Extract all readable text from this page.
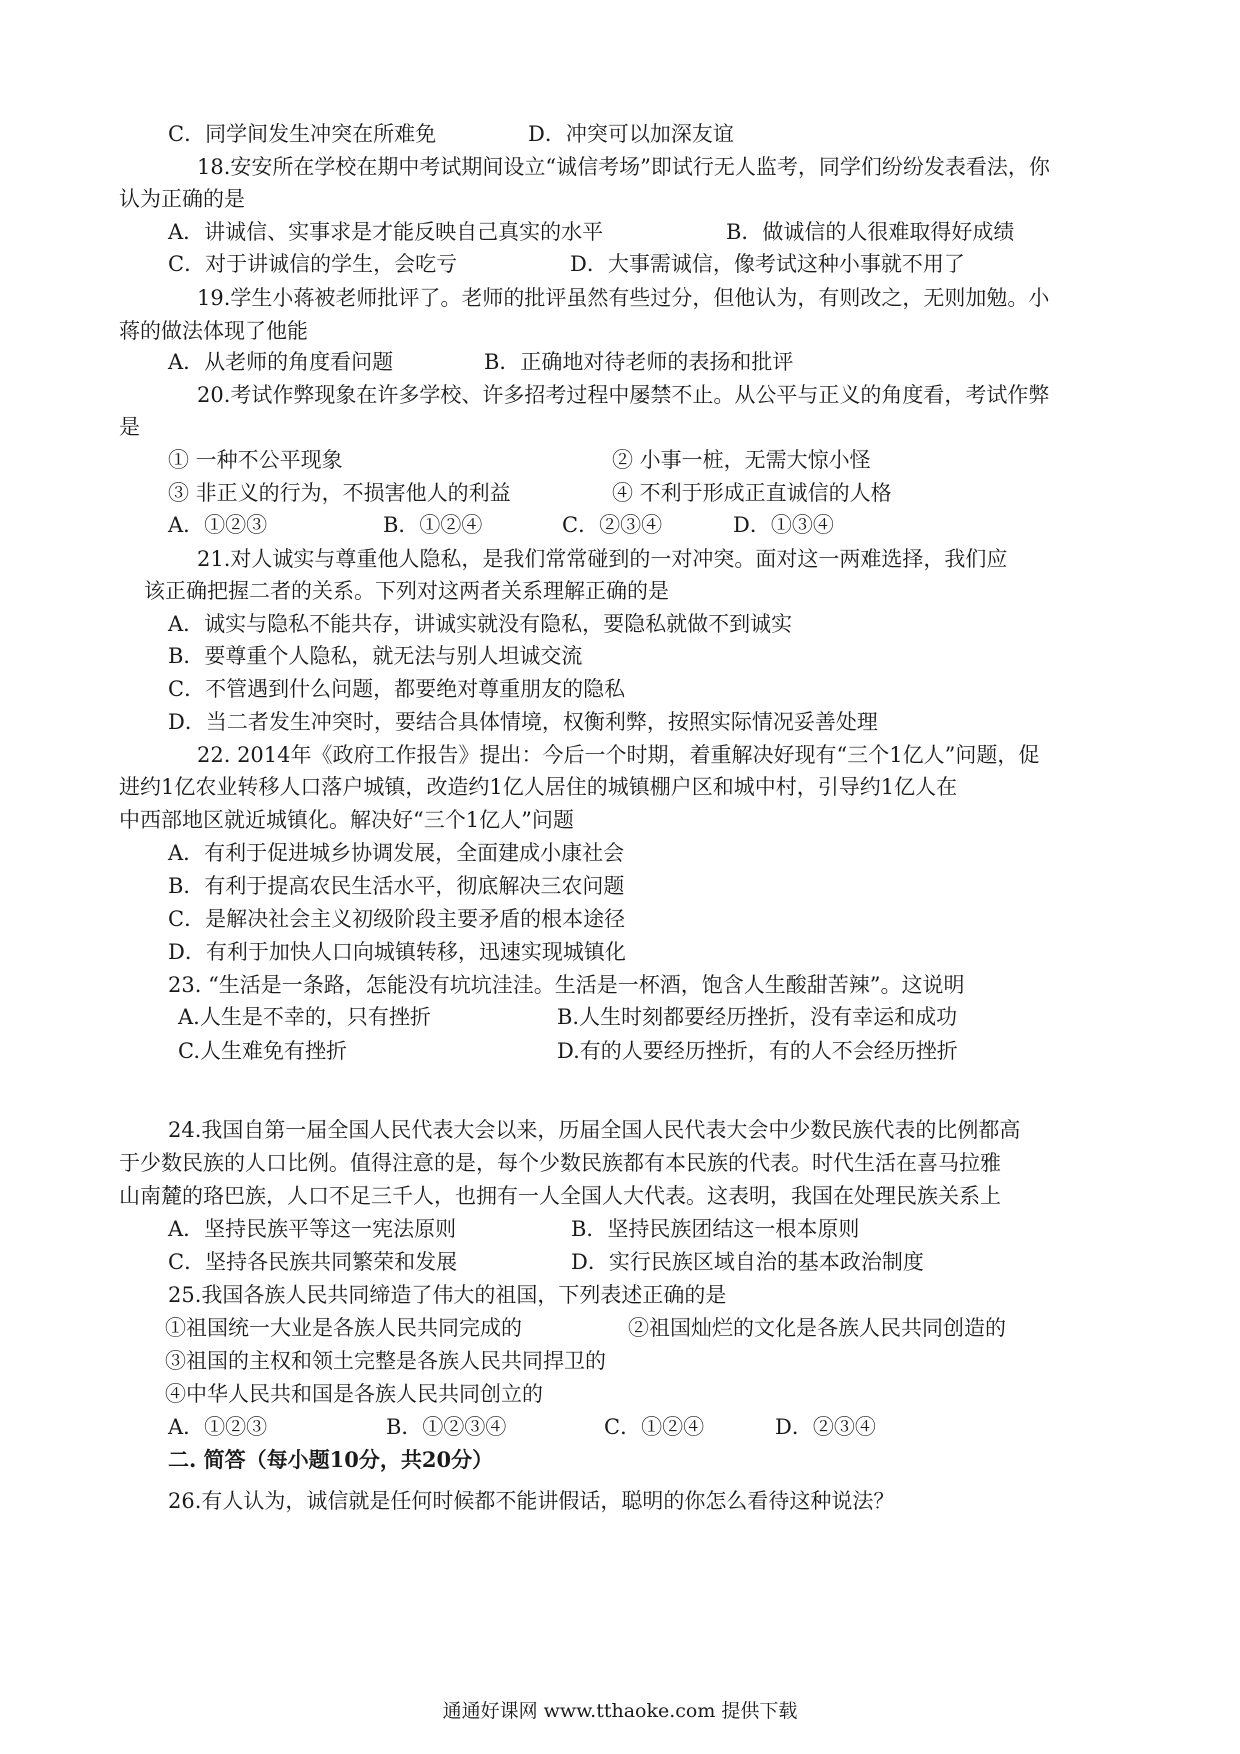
C．同学间发生冲突在所难免	D．冲突可以加深友谊
18.安安所在学校在期中考试期间设立“诚信考场”即试行无人监考，同学们纷纷发表看法，你
认为正确的是
A．讲诚信、实事求是才能反映自己真实的水平	B．做诚信的人很难取得好成绩
C．对于讲诚信的学生，会吃亏	D．大事需诚信，像考试这种小事就不用了
19.学生小蒋被老师批评了。老师的批评虽然有些过分，但他认为，有则改之，无则加勉。小
蒋的做法体现了他能
A．从老师的角度看问题	B．正确地对待老师的表扬和批评
20.考试作弊现象在许多学校、许多招考过程中屡禁不止。从公平与正义的角度看，考试作弊
是
① 一种不公平现象	② 小事一桩，无需大惊小怪
③ 非正义的行为，不损害他人的利益	④ 不利于形成正直诚信的人格
A．①②③	B．①②④	C．②③④	D．①③④
21.对人诚实与尊重他人隐私，是我们常常碰到的一对冲突。面对这一两难选择，我们应
该正确把握二者的关系。下列对这两者关系理解正确的是
A．诚实与隐私不能共存，讲诚实就没有隐私，要隐私就做不到诚实
B．要尊重个人隐私，就无法与别人坦诚交流
C．不管遇到什么问题，都要绝对尊重朋友的隐私
D．当二者发生冲突时，要结合具体情境，权衡利弊，按照实际情况妥善处理
22. 2014年《政府工作报告》提出：今后一个时期，着重解决好现有“三个1亿人”问题，促
进约1亿农业转移人口落户城镇，改造约1亿人居住的城镇棚户区和城中村，引导约1亿人在
中西部地区就近城镇化。解决好“三个1亿人”问题
A．有利于促进城乡协调发展，全面建成小康社会
B．有利于提高农民生活水平，彻底解决三农问题
C．是解决社会主义初级阶段主要矛盾的根本途径
D．有利于加快人口向城镇转移，迅速实现城镇化
23. “生活是一条路，怎能没有坑坑洼洼。生活是一杯酒，饱含人生酸甜苦辣”。这说明
A.人生是不幸的，只有挫折	B.人生时刻都要经历挫折，没有幸运和成功
C.人生难免有挫折	D.有的人要经历挫折，有的人不会经历挫折
24.我国自第一届全国人民代表大会以来，历届全国人民代表大会中少数民族代表的比例都高
于少数民族的人口比例。值得注意的是，每个少数民族都有本民族的代表。时代生活在喜马拉雅
山南麓的珞巴族，人口不足三千人，也拥有一人全国人大代表。这表明，我国在处理民族关系上
A．坚持民族平等这一宪法原则	B．坚持民族团结这一根本原则
C．坚持各民族共同繁荣和发展	D．实行民族区域自治的基本政治制度
25.我国各族人民共同缔造了伟大的祖国，下列表述正确的是
①祖国统一大业是各族人民共同完成的	②祖国灿烂的文化是各族人民共同创造的
③祖国的主权和领土完整是各族人民共同捍卫的
④中华人民共和国是各族人民共同创立的
A．①②③	B．①②③④	C．①②④	D．②③④
二. 简答（每小题10分，共20分）
26.有人认为，诚信就是任何时候都不能讲假话，聪明的你怎么看待这种说法？
通通好课网 www.tthaoke.com 提供下载
